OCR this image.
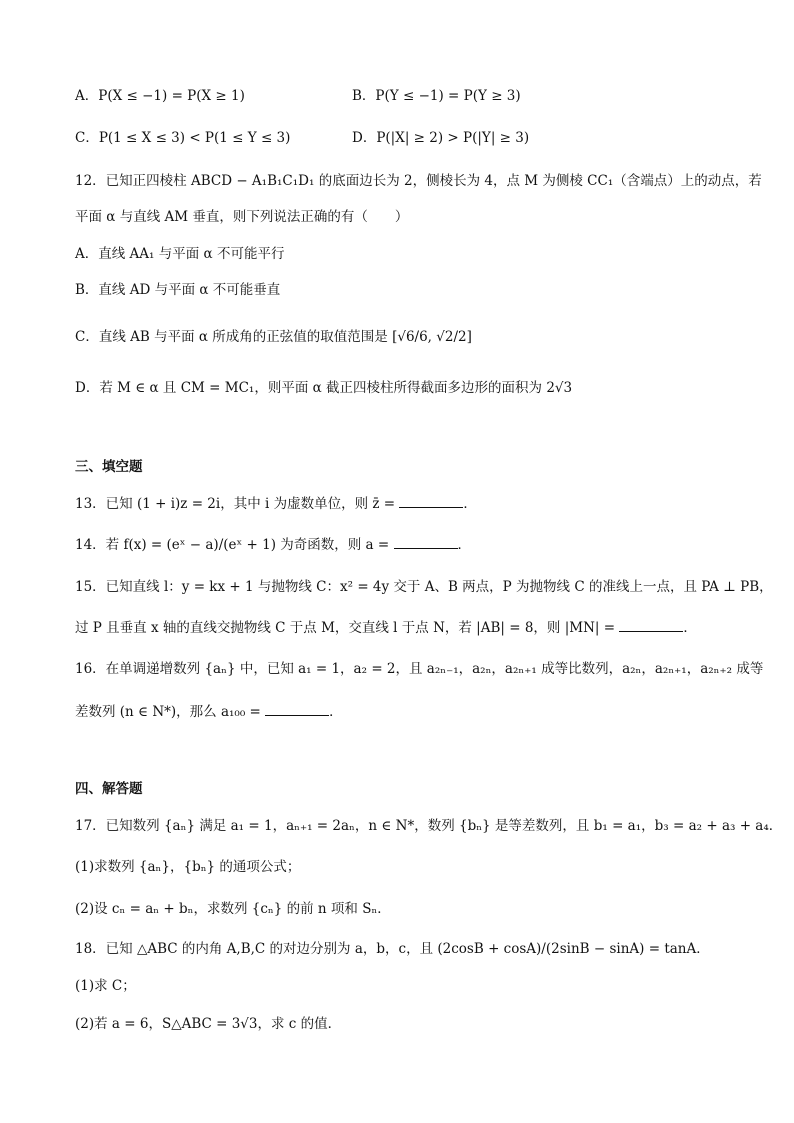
A．P(X ≤ −1) = P(X ≥ 1)	B．P(Y ≤ −1) = P(Y ≥ 3)
C．P(1 ≤ X ≤ 3) < P(1 ≤ Y ≤ 3)	D．P(|X| ≥ 2) > P(|Y| ≥ 3)
12．已知正四棱柱 ABCD − A₁B₁C₁D₁ 的底面边长为 2，侧棱长为 4，点 M 为侧棱 CC₁（含端点）上的动点，若
平面 α 与直线 AM 垂直，则下列说法正确的有（　　）
A．直线 AA₁ 与平面 α 不可能平行
B．直线 AD 与平面 α 不可能垂直
C．直线 AB 与平面 α 所成角的正弦值的取值范围是 [√6/6, √2/2]
D．若 M ∈ α 且 CM = MC₁，则平面 α 截正四棱柱所得截面多边形的面积为 2√3
三、填空题
13．已知 (1 + i)z = 2i，其中 i 为虚数单位，则 z̄ =	．
14．若 f(x) = (eˣ − a)/(eˣ + 1) 为奇函数，则 a =	．
15．已知直线 l：y = kx + 1 与抛物线 C：x² = 4y 交于 A、B 两点，P 为抛物线 C 的准线上一点，且 PA ⊥ PB，
过 P 且垂直 x 轴的直线交抛物线 C 于点 M，交直线 l 于点 N，若 |AB| = 8，则 |MN| =	．
16．在单调递增数列 {aₙ} 中，已知 a₁ = 1，a₂ = 2，且 a₂ₙ₋₁，a₂ₙ，a₂ₙ₊₁ 成等比数列，a₂ₙ，a₂ₙ₊₁，a₂ₙ₊₂ 成等
差数列 (n ∈ N*)，那么 a₁₀₀ =	．
四、解答题
17．已知数列 {aₙ} 满足 a₁ = 1，aₙ₊₁ = 2aₙ，n ∈ N*，数列 {bₙ} 是等差数列，且 b₁ = a₁，b₃ = a₂ + a₃ + a₄．
(1)求数列 {aₙ}，{bₙ} 的通项公式；
(2)设 cₙ = aₙ + bₙ，求数列 {cₙ} 的前 n 项和 Sₙ．
18．已知 △ABC 的内角 A,B,C 的对边分别为 a，b，c，且 (2cosB + cosA)/(2sinB − sinA) = tanA．
(1)求 C；
(2)若 a = 6，S△ABC = 3√3，求 c 的值．
